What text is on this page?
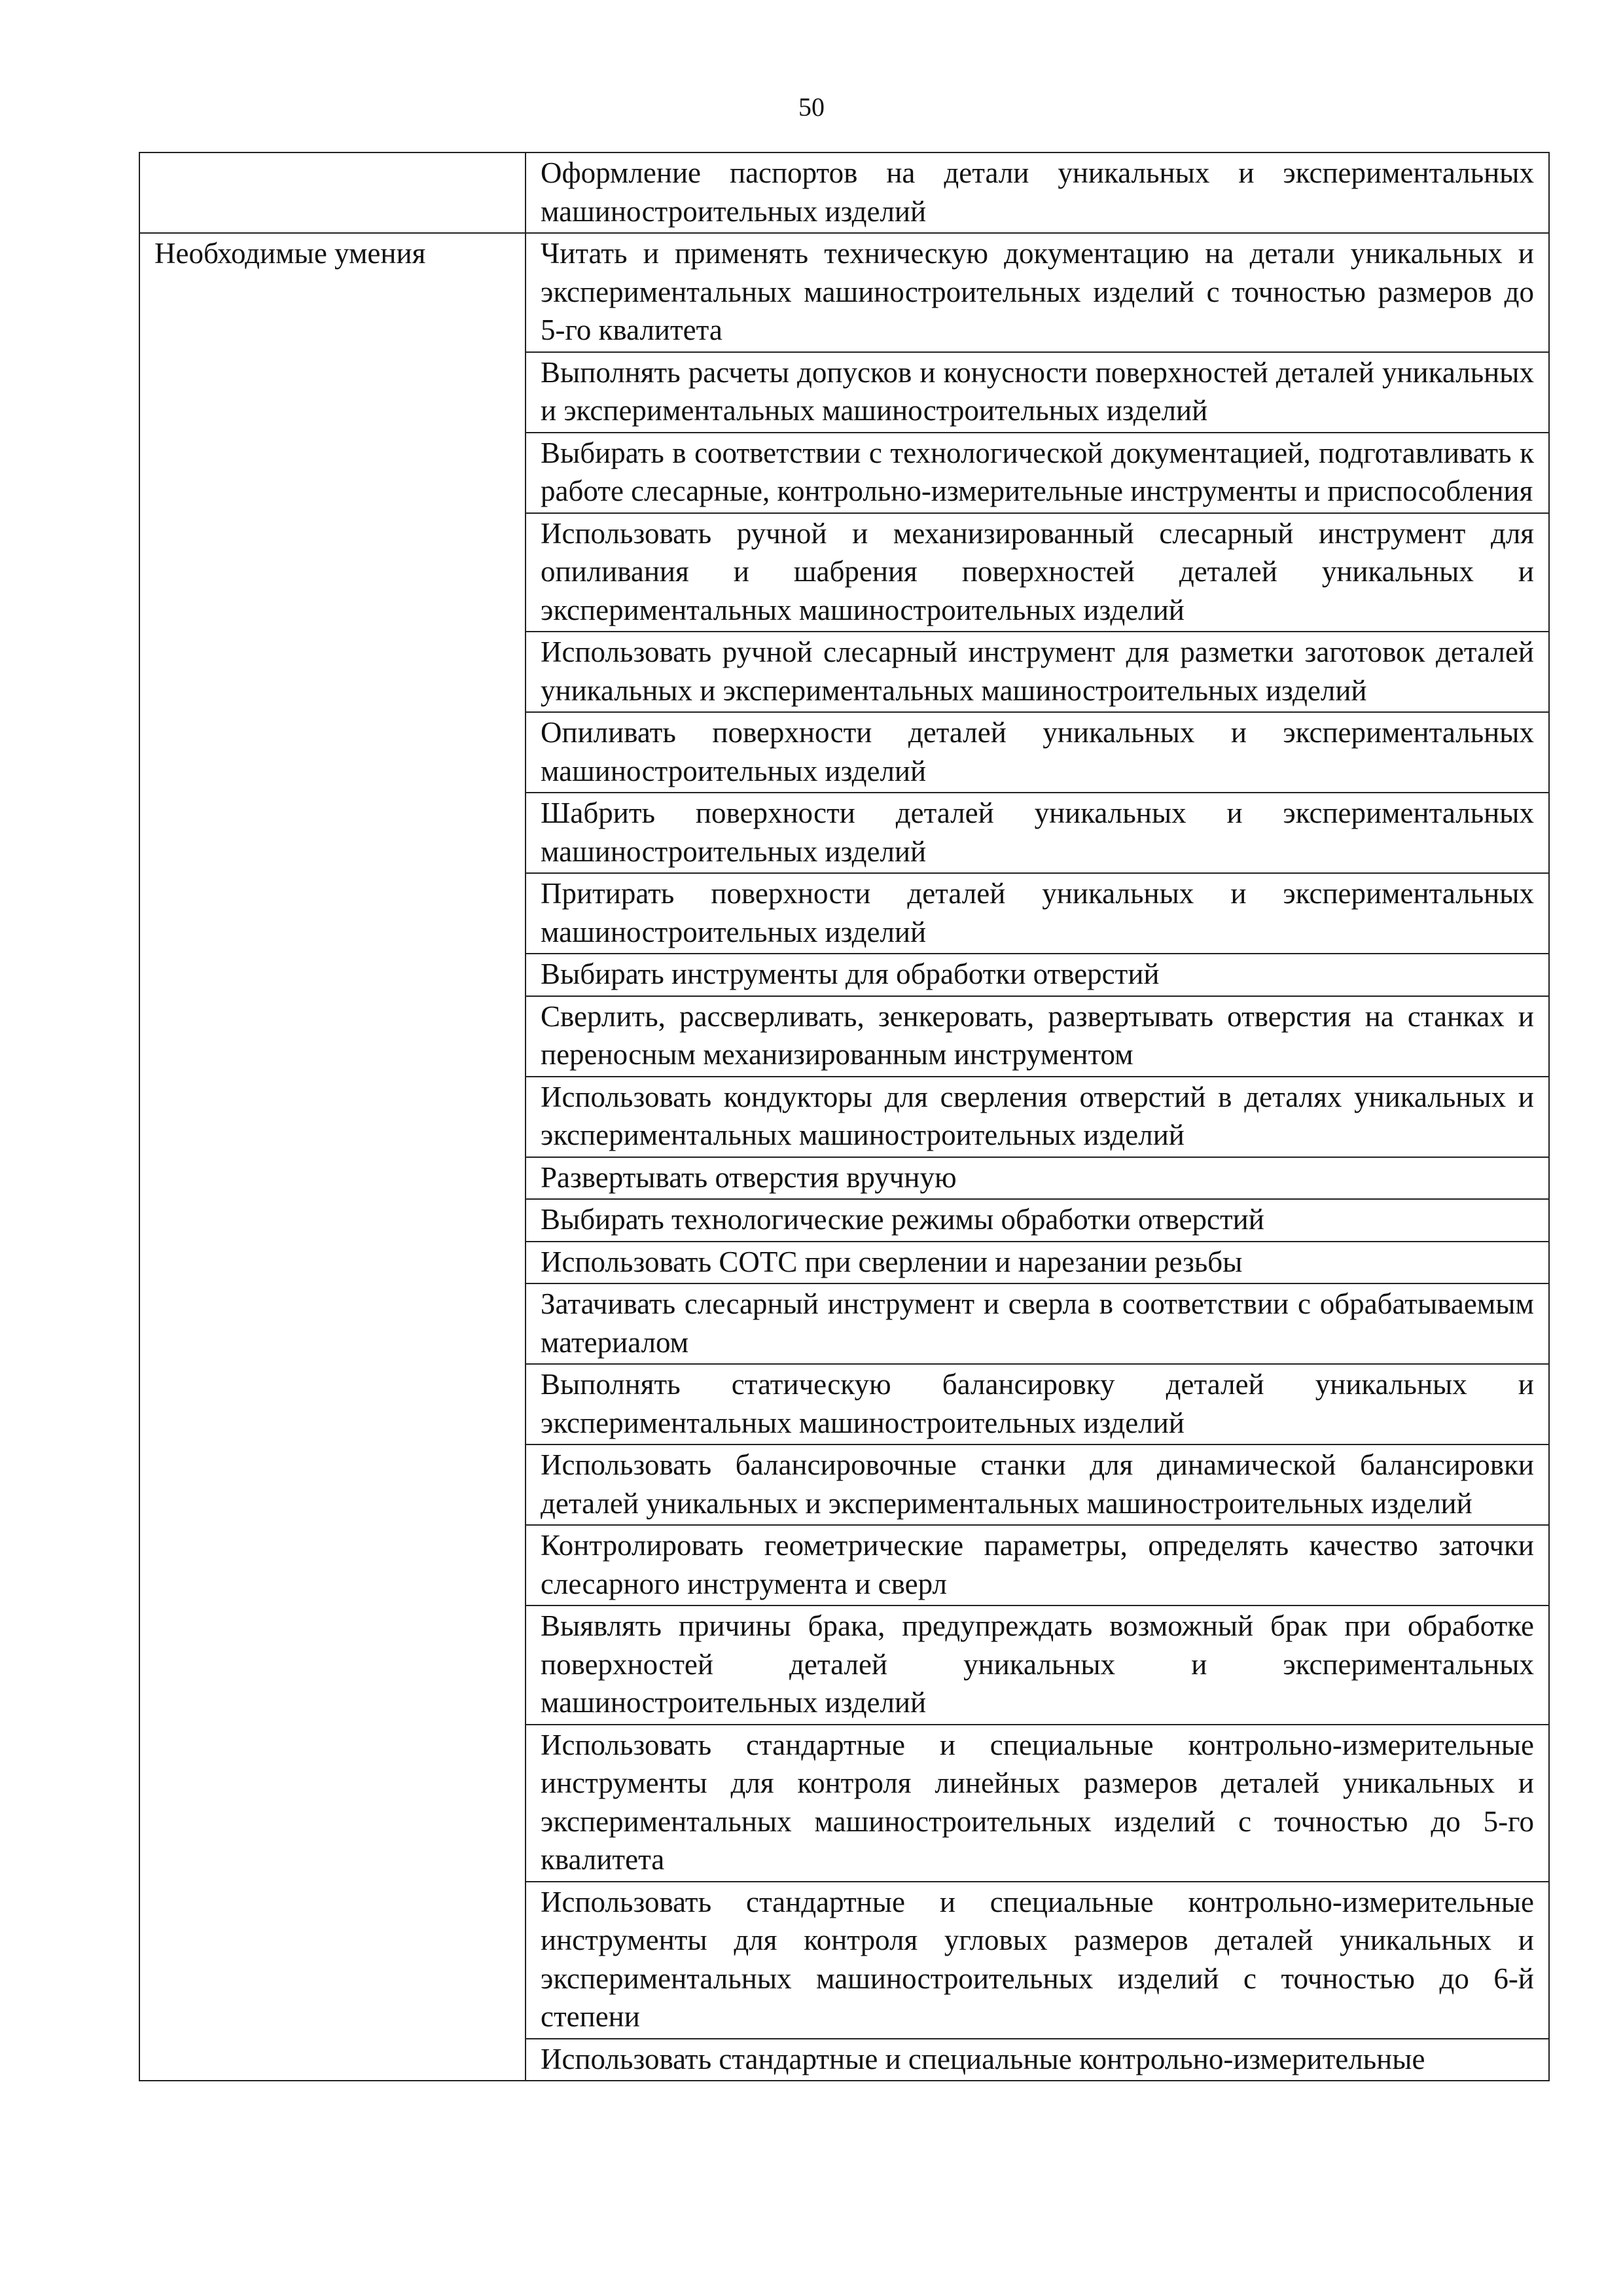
50
	Оформление паспортов на детали уникальных и экспериментальных машиностроительных изделий
Необходимые умения	Читать и применять техническую документацию на детали уникальных и экспериментальных машиностроительных изделий с точностью размеров до 5-го квалитета
	Выполнять расчеты допусков и конусности поверхностей деталей уникальных и экспериментальных машиностроительных изделий
	Выбирать в соответствии с технологической документацией, подготавливать к работе слесарные, контрольно-измерительные инструменты и приспособления
	Использовать ручной и механизированный слесарный инструмент для опиливания и шабрения поверхностей деталей уникальных и экспериментальных машиностроительных изделий
	Использовать ручной слесарный инструмент для разметки заготовок деталей уникальных и экспериментальных машиностроительных изделий
	Опиливать поверхности деталей уникальных и экспериментальных машиностроительных изделий
	Шабрить поверхности деталей уникальных и экспериментальных машиностроительных изделий
	Притирать поверхности деталей уникальных и экспериментальных машиностроительных изделий
	Выбирать инструменты для обработки отверстий
	Сверлить, рассверливать, зенкеровать, развертывать отверстия на станках и переносным механизированным инструментом
	Использовать кондукторы для сверления отверстий в деталях уникальных и экспериментальных машиностроительных изделий
	Развертывать отверстия вручную
	Выбирать технологические режимы обработки отверстий
	Использовать СОТС при сверлении и нарезании резьбы
	Затачивать слесарный инструмент и сверла в соответствии с обрабатываемым материалом
	Выполнять статическую балансировку деталей уникальных и экспериментальных машиностроительных изделий
	Использовать балансировочные станки для динамической балансировки деталей уникальных и экспериментальных машиностроительных изделий
	Контролировать геометрические параметры, определять качество заточки слесарного инструмента и сверл
	Выявлять причины брака, предупреждать возможный брак при обработке поверхностей деталей уникальных и экспериментальных машиностроительных изделий
	Использовать стандартные и специальные контрольно-измерительные инструменты для контроля линейных размеров деталей уникальных и экспериментальных машиностроительных изделий с точностью до 5-го квалитета
	Использовать стандартные и специальные контрольно-измерительные инструменты для контроля угловых размеров деталей уникальных и экспериментальных машиностроительных изделий с точностью до 6-й степени
	Использовать стандартные и специальные контрольно-измерительные
